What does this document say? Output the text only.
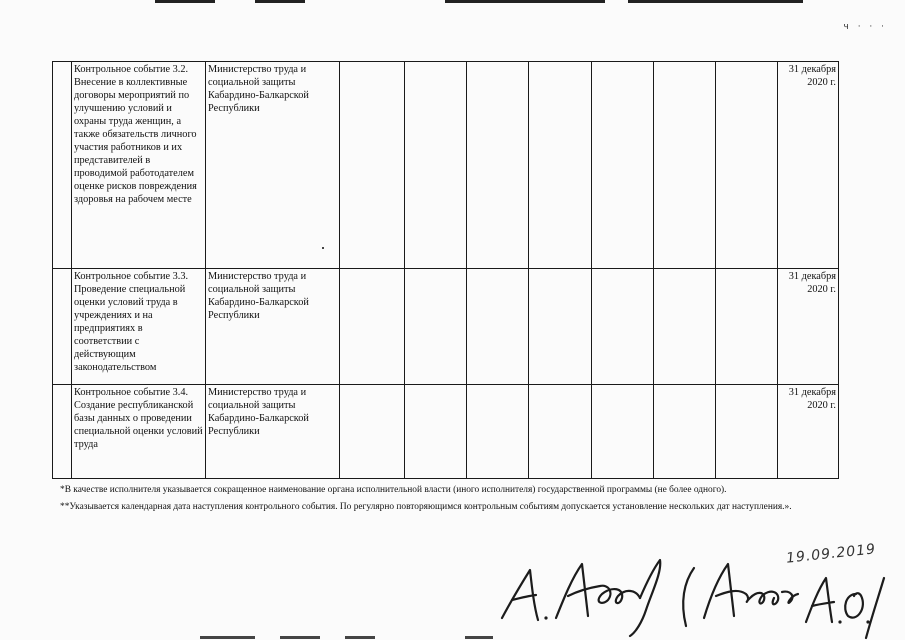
ч · · ·
	Контрольное событие 3.2. Внесение в коллективные договоры мероприятий по улучшению условий и охраны труда женщин, а также обязательств личного участия работников и их представителей в проводимой работодателем оценке рисков повреждения здоровья на рабочем месте	Министерство труда и социальной защиты Кабардино-Балкарской Республики								31 декабря 2020 г.
	Контрольное событие 3.3. Проведение специальной оценки условий труда в учреждениях и на предприятиях в соответствии с действующим законодательством	Министерство труда и социальной защиты Кабардино-Балкарской Республики								31 декабря 2020 г.
	Контрольное событие 3.4. Создание республиканской базы данных о проведении специальной оценки условий труда	Министерство труда и социальной защиты Кабардино-Балкарской Республики								31 декабря 2020 г.

*В качестве исполнителя указывается сокращенное наименование органа исполнительной власти (иного исполнителя) государственной программы (не более одного).

**Указывается календарная дата наступления контрольного события. По регулярно повторяющимся контрольным событиям допускается установление нескольких дат наступления.».

19.09.2019
